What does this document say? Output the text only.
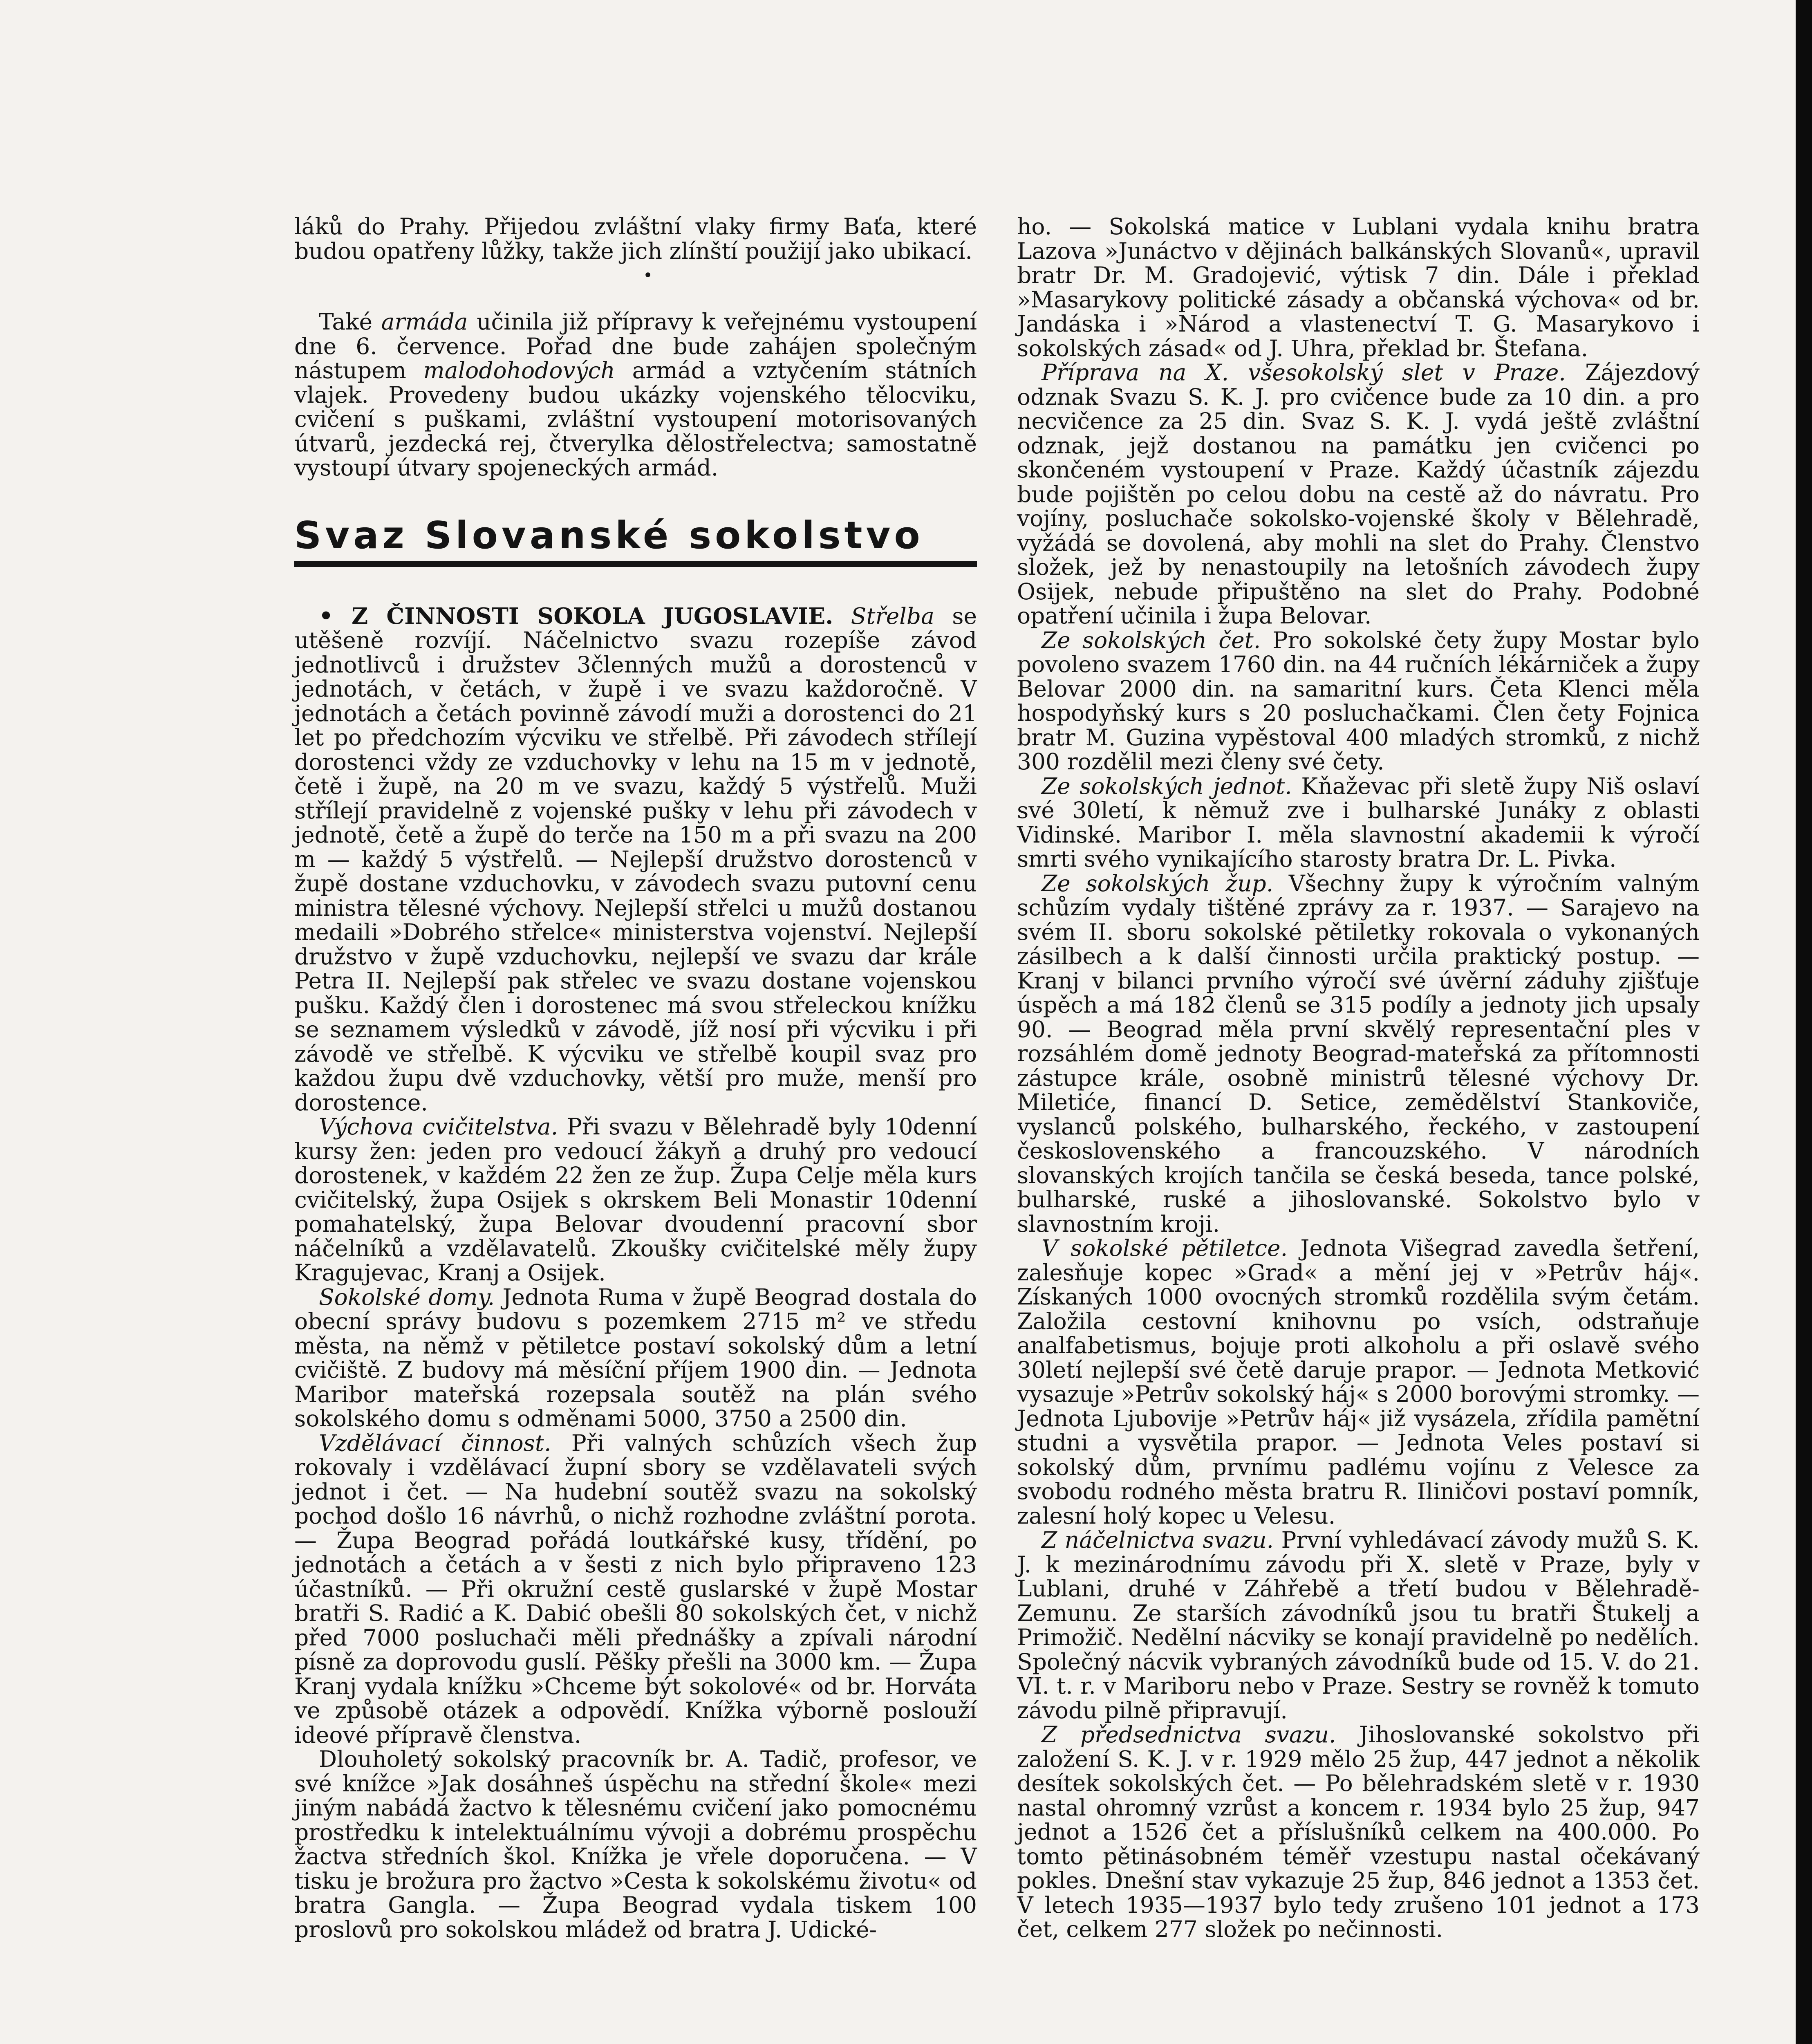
láků do Prahy. Přijedou zvláštní vlaky firmy Baťa, které budou opatřeny lůžky, takže jich zlínští použijí jako ubikací.

•

Také armáda učinila již přípravy k veřejnému vystoupení dne 6. července. Pořad dne bude zahájen společným nástupem malodohodových armád a vztyčením státních vlajek. Provedeny budou ukázky vojenského tělocviku, cvičení s puškami, zvláštní vystoupení motorisovaných útvarů, jezdecká rej, čtverylka dělostřelectva; samostatně vystoupí útvary spojeneckých armád.

Svaz Slovanské sokolstvo

• Z ČINNOSTI SOKOLA JUGOSLAVIE. Střelba se utěšeně rozvíjí. Náčelnictvo svazu rozepíše závod jednotlivců i družstev 3členných mužů a dorostenců v jednotách, v četách, v župě i ve svazu každoročně. V jednotách a četách povinně závodí muži a dorostenci do 21 let po předchozím výcviku ve střelbě. Při závodech střílejí dorostenci vždy ze vzduchovky v lehu na 15 m v jednotě, četě i župě, na 20 m ve svazu, každý 5 výstřelů. Muži střílejí pravidelně z vojenské pušky v lehu při závodech v jednotě, četě a župě do terče na 150 m a při svazu na 200 m — každý 5 výstřelů. — Nejlepší družstvo dorostenců v župě dostane vzduchovku, v závodech svazu putovní cenu ministra tělesné výchovy. Nejlepší střelci u mužů dostanou medaili »Dobrého střelce« ministerstva vojenství. Nejlepší družstvo v župě vzduchovku, nejlepší ve svazu dar krále Petra II. Nejlepší pak střelec ve svazu dostane vojenskou pušku. Každý člen i dorostenec má svou střeleckou knížku se seznamem výsledků v závodě, jíž nosí při výcviku i při závodě ve střelbě. K výcviku ve střelbě koupil svaz pro každou župu dvě vzduchovky, větší pro muže, menší pro dorostence.

Výchova cvičitelstva. Při svazu v Bělehradě byly 10denní kursy žen: jeden pro vedoucí žákyň a druhý pro vedoucí dorostenek, v každém 22 žen ze žup. Župa Celje měla kurs cvičitelský, župa Osijek s okrskem Beli Monastir 10denní pomahatelský, župa Belovar dvoudenní pracovní sbor náčelníků a vzdělavatelů. Zkoušky cvičitelské měly župy Kragujevac, Kranj a Osijek.

Sokolské domy. Jednota Ruma v župě Beograd dostala do obecní správy budovu s pozemkem 2715 m² ve středu města, na němž v pětiletce postaví sokolský dům a letní cvičiště. Z budovy má měsíční příjem 1900 din. — Jednota Maribor mateřská rozepsala soutěž na plán svého sokolského domu s odměnami 5000, 3750 a 2500 din.

Vzdělávací činnost. Při valných schůzích všech žup rokovaly i vzdělávací župní sbory se vzdělavateli svých jednot i čet. — Na hudební soutěž svazu na sokolský pochod došlo 16 návrhů, o nichž rozhodne zvláštní porota. — Župa Beograd pořádá loutkářské kusy, třídění, po jednotách a četách a v šesti z nich bylo připraveno 123 účastníků. — Při okružní cestě guslarské v župě Mostar bratři S. Radić a K. Dabić obešli 80 sokolských čet, v nichž před 7000 posluchači měli přednášky a zpívali národní písně za doprovodu guslí. Pěšky přešli na 3000 km. — Župa Kranj vydala knížku »Chceme být sokolové« od br. Horváta ve způsobě otázek a odpovědí. Knížka výborně poslouží ideové přípravě členstva.

Dlouholetý sokolský pracovník br. A. Tadič, profesor, ve své knížce »Jak dosáhneš úspěchu na střední škole« mezi jiným nabádá žactvo k tělesnému cvičení jako pomocnému prostředku k intelektuálnímu vývoji a dobrému prospěchu žactva středních škol. Knížka je vřele doporučena. — V tisku je brožura pro žactvo »Cesta k sokolskému životu« od bratra Gangla. — Župa Beograd vydala tiskem 100 proslovů pro sokolskou mládež od bratra J. Udické-

ho. — Sokolská matice v Lublani vydala knihu bratra Lazova »Junáctvo v dějinách balkánských Slovanů«, upravil bratr Dr. M. Gradojević, výtisk 7 din. Dále i překlad »Masarykovy politické zásady a občanská výchova« od br. Jandáska i »Národ a vlastenectví T. G. Masarykovo i sokolských zásad« od J. Uhra, překlad br. Štefana.

Příprava na X. všesokolský slet v Praze. Zájezdový odznak Svazu S. K. J. pro cvičence bude za 10 din. a pro necvičence za 25 din. Svaz S. K. J. vydá ještě zvláštní odznak, jejž dostanou na památku jen cvičenci po skončeném vystoupení v Praze. Každý účastník zájezdu bude pojištěn po celou dobu na cestě až do návratu. Pro vojíny, posluchače sokolsko-vojenské školy v Bělehradě, vyžádá se dovolená, aby mohli na slet do Prahy. Členstvo složek, jež by nenastoupily na letošních závodech župy Osijek, nebude připuštěno na slet do Prahy. Podobné opatření učinila i župa Belovar.

Ze sokolských čet. Pro sokolské čety župy Mostar bylo povoleno svazem 1760 din. na 44 ručních lékárniček a župy Belovar 2000 din. na samaritní kurs. Četa Klenci měla hospodyňský kurs s 20 posluchačkami. Člen čety Fojnica bratr M. Guzina vypěstoval 400 mladých stromků, z nichž 300 rozdělil mezi členy své čety.

Ze sokolských jednot. Kňaževac při sletě župy Niš oslaví své 30letí, k němuž zve i bulharské Junáky z oblasti Vidinské. Maribor I. měla slavnostní akademii k výročí smrti svého vynikajícího starosty bratra Dr. L. Pivka.

Ze sokolských žup. Všechny župy k výročním valným schůzím vydaly tištěné zprávy za r. 1937. — Sarajevo na svém II. sboru sokolské pětiletky rokovala o vykonaných zásilbech a k další činnosti určila praktický postup. — Kranj v bilanci prvního výročí své úvěrní záduhy zjišťuje úspěch a má 182 členů se 315 podíly a jednoty jich upsaly 90. — Beograd měla první skvělý representační ples v rozsáhlém domě jednoty Beograd-mateřská za přítomnosti zástupce krále, osobně ministrů tělesné výchovy Dr. Miletiće, financí D. Setice, zemědělství Stankoviče, vyslanců polského, bulharského, řeckého, v zastoupení československého a francouzského. V národních slovanských krojích tančila se česká beseda, tance polské, bulharské, ruské a jihoslovanské. Sokolstvo bylo v slavnostním kroji.

V sokolské pětiletce. Jednota Višegrad zavedla šetření, zalesňuje kopec »Grad« a mění jej v »Petrův háj«. Získaných 1000 ovocných stromků rozdělila svým četám. Založila cestovní knihovnu po vsích, odstraňuje analfabetismus, bojuje proti alkoholu a při oslavě svého 30letí nejlepší své četě daruje prapor. — Jednota Metković vysazuje »Petrův sokolský háj« s 2000 borovými stromky. — Jednota Ljubovije »Petrův háj« již vysázela, zřídila pamětní studni a vysvětila prapor. — Jednota Veles postaví si sokolský dům, prvnímu padlému vojínu z Velesce za svobodu rodného města bratru R. Iliničovi postaví pomník, zalesní holý kopec u Velesu.

Z náčelnictva svazu. První vyhledávací závody mužů S. K. J. k mezinárodnímu závodu při X. sletě v Praze, byly v Lublani, druhé v Záhřebě a třetí budou v Bělehradě-Zemunu. Ze starších závodníků jsou tu bratři Štukelj a Primožič. Nedělní nácviky se konají pravidelně po nedělích. Společný nácvik vybraných závodníků bude od 15. V. do 21. VI. t. r. v Mariboru nebo v Praze. Sestry se rovněž k tomuto závodu pilně připravují.

Z předsednictva svazu. Jihoslovanské sokolstvo při založení S. K. J. v r. 1929 mělo 25 žup, 447 jednot a několik desítek sokolských čet. — Po bělehradském sletě v r. 1930 nastal ohromný vzrůst a koncem r. 1934 bylo 25 žup, 947 jednot a 1526 čet a příslušníků celkem na 400.000. Po tomto pětinásobném téměř vzestupu nastal očekávaný pokles. Dnešní stav vykazuje 25 žup, 846 jednot a 1353 čet. V letech 1935—1937 bylo tedy zrušeno 101 jednot a 173 čet, celkem 277 složek po nečinnosti.
